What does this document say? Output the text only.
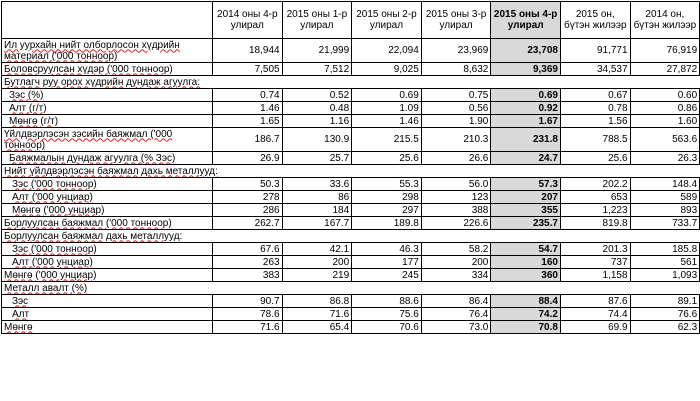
	2014 оны 4-р улирал	2015 оны 1-р улирал	2015 оны 2-р улирал	2015 оны 3-р улирал	2015 оны 4-р улирал	2015 он, бүтэн жилээр	2014 он, бүтэн жилээр
Ил уурхайн нийт олборлосон хүдрийн материал ('000 тонноор)	18,944	21,999	22,094	23,969	23,708	91,771	76,919
Боловсруулсан хүдэр ('000 тонноор)	7,505	7,512	9,025	8,632	9,369	34,537	27,872
Бутлагч руу орох хүдрийн дундаж агуулга:							
Зэс (%)	0.74	0.52	0.69	0.75	0.69	0.67	0.60
Алт (г/т)	1.46	0.48	1.09	0.56	0.92	0.78	0.86
Мөнгө (г/т)	1.65	1.16	1.46	1.90	1.67	1.56	1.60
Үйлдвэрлэсэн зэсийн баяжмал ('000 тонноор)	186.7	130.9	215.5	210.3	231.8	788.5	563.6
Баяжмалын дундаж агуулга (% Зэс)	26.9	25.7	25.6	26.6	24.7	25.6	26.3
Нийт үйлдвэрлэсэн баяжмал дахь металлууд:							
Зэс ('000 тонноор)	50.3	33.6	55.3	56.0	57.3	202.2	148.4
Алт ('000 унциар)	278	86	298	123	207	653	589
Мөнгө ('000 унциар)	286	184	297	388	355	1,223	893
Борлуулсан баяжмал ('000 тонноор)	262.7	167.7	189.8	226.6	235.7	819.8	733.7
Борлуулсан баяжмал дахь металлууд:							
Зэс ('000 тонноор)	67.6	42.1	46.3	58.2	54.7	201.3	185.8
Алт ('000 унциар)	263	200	177	200	160	737	561
Мөнгө ('000 унциар)	383	219	245	334	360	1,158	1,093
Металл авалт (%)							
Зэс	90.7	86.8	88.6	86.4	88.4	87.6	89.1
Алт	78.6	71.6	75.6	76.4	74.2	74.4	76.6
Мөнгө	71.6	65.4	70.6	73.0	70.8	69.9	62.3
